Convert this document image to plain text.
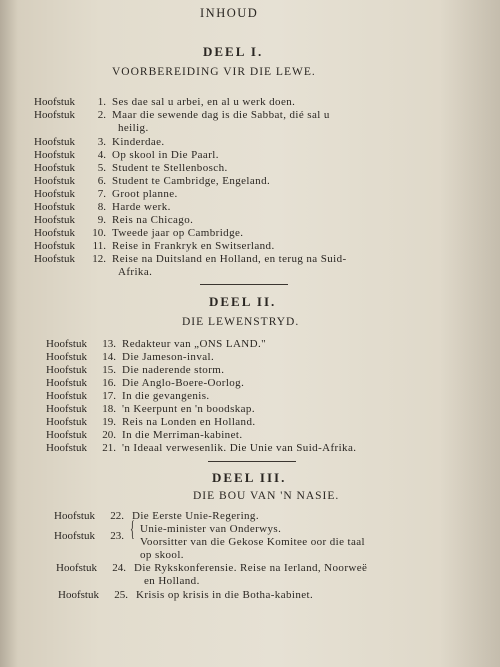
INHOUD
DEEL I.
VOORBEREIDING VIR DIE LEWE.
Hoofstuk	1. Ses dae sal u arbei, en al u werk doen.
Hoofstuk	2. Maar die sewende dag is die Sabbat, dié sal u
heilig.
Hoofstuk	3. Kinderdae.
Hoofstuk	4. Op skool in Die Paarl.
Hoofstuk	5. Student te Stellenbosch.
Hoofstuk	6. Student te Cambridge, Engeland.
Hoofstuk	7. Groot planne.
Hoofstuk	8. Harde werk.
Hoofstuk	9. Reis na Chicago.
Hoofstuk	10. Tweede jaar op Cambridge.
Hoofstuk	11. Reise in Frankryk en Switserland.
Hoofstuk	12. Reise na Duitsland en Holland, en terug na Suid-
Afrika.
DEEL II.
DIE LEWENSTRYD.
Hoofstuk	13. Redakteur van „ONS LAND."
Hoofstuk	14. Die Jameson-inval.
Hoofstuk	15. Die naderende storm.
Hoofstuk	16. Die Anglo-Boere-Oorlog.
Hoofstuk	17. In die gevangenis.
Hoofstuk	18. 'n Keerpunt en 'n boodskap.
Hoofstuk	19. Reis na Londen en Holland.
Hoofstuk	20. In die Merriman-kabinet.
Hoofstuk	21. 'n Ideaal verwesenlik. Die Unie van Suid-Afrika.
DEEL III.
DIE BOU VAN 'N NASIE.
Hoofstuk	22. Die Eerste Unie-Regering.
Hoofstuk	23. { Unie-minister van Onderwys.
Voorsitter van die Gekose Komitee oor die taal
op skool.
Hoofstuk	24. Die Rykskonferensie. Reise na Ierland, Noorweë
en Holland.
Hoofstuk	25. Krisis op krisis in die Botha-kabinet.
